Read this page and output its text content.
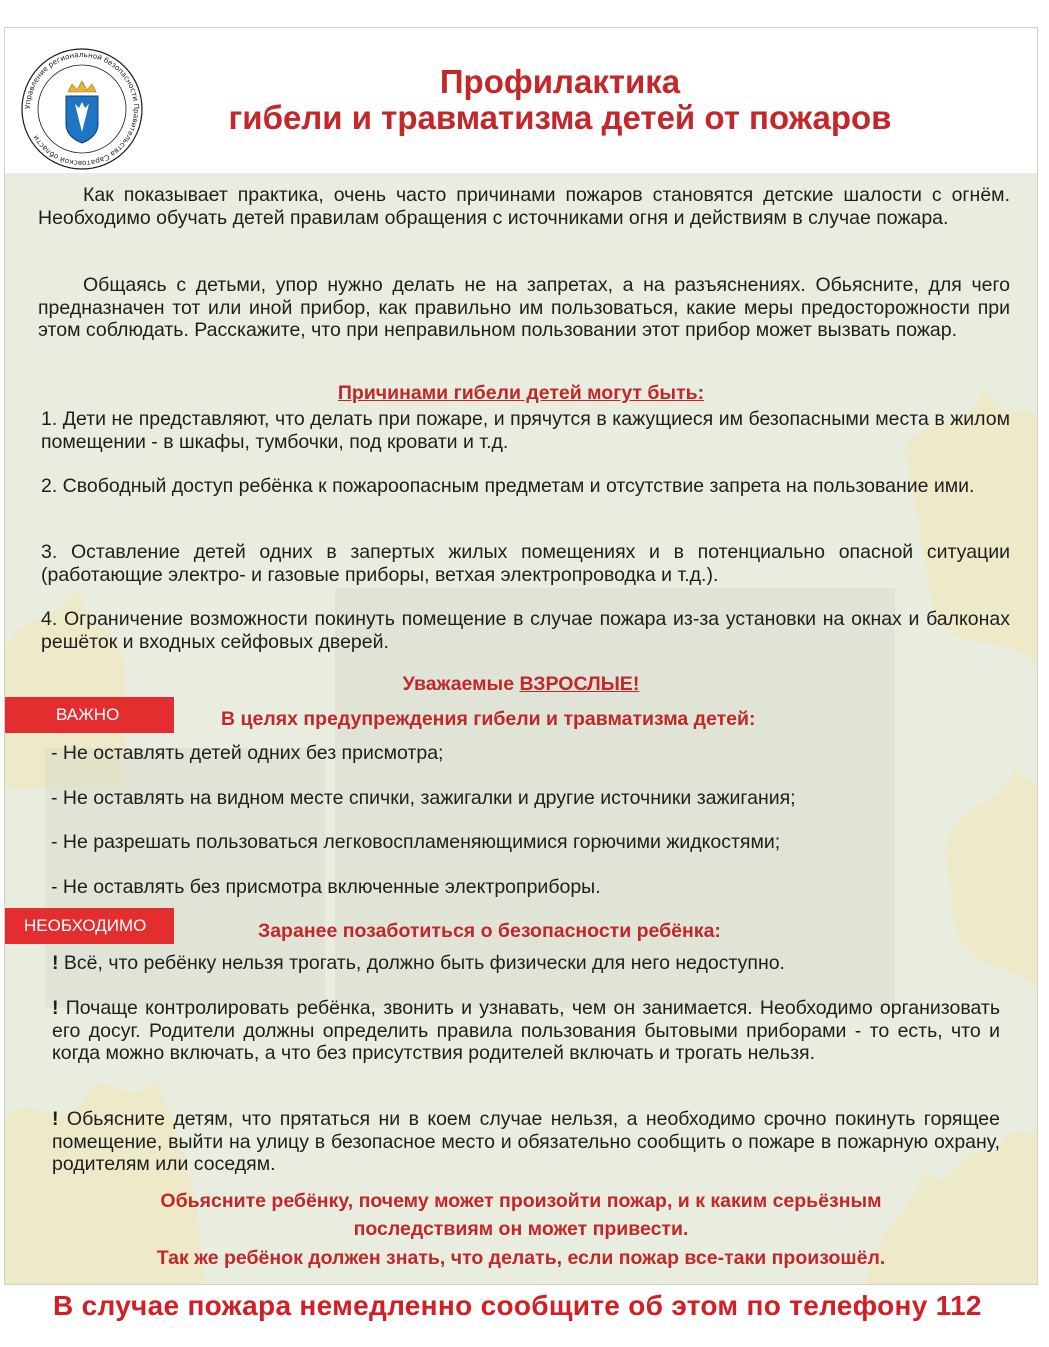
Управление региональной безопасности Правительства Саратовской области
Профилактика
гибели и травматизма детей от пожаров

Как показывает практика, очень часто причинами пожаров становятся детские шалости с огнём. Необходимо обучать детей правилам обращения с источниками огня и действиям в случае пожара.

Общаясь с детьми, упор нужно делать не на запретах, а на разъяснениях. Обьясните, для чего предназначен тот или иной прибор, как правильно им пользоваться, какие меры предосторожности при этом соблюдать. Расскажите, что при неправильном пользовании этот прибор может вызвать пожар.

Причинами гибели детей могут быть:

1. Дети не представляют, что делать при пожаре, и прячутся в кажущиеся им безопасными места в жилом помещении - в шкафы, тумбочки, под кровати и т.д.

2. Свободный доступ ребёнка к пожароопасным предметам и отсутствие запрета на пользование ими.

3. Оставление детей одних в запертых жилых помещениях и в потенциально опасной ситуации (работающие электро- и газовые приборы, ветхая электропроводка и т.д.).

4. Ограничение возможности покинуть помещение в случае пожара из-за установки на окнах и балконах решёток и входных сейфовых дверей.

Уважаемые ВЗРОСЛЫЕ!
ВАЖНО	В целях предупреждения гибели и травматизма детей:
- Не оставлять детей одних без присмотра;
- Не оставлять на видном месте спички, зажигалки и другие источники зажигания;
- Не разрешать пользоваться легковоспламеняющимися горючими жидкостями;
- Не оставлять без присмотра включенные электроприборы.
НЕОБХОДИМО	Заранее позаботиться о безопасности ребёнка:

! Всё, что ребёнку нельзя трогать, должно быть физически для него недоступно.

! Почаще контролировать ребёнка, звонить и узнавать, чем он занимается. Необходимо организовать его досуг. Родители должны определить правила пользования бытовыми приборами - то есть, что и когда можно включать, а что без присутствия родителей включать и трогать нельзя.

! Обьясните детям, что прятаться ни в коем случае нельзя, а необходимо срочно покинуть горящее помещение, выйти на улицу в безопасное место и обязательно сообщить о пожаре в пожарную охрану, родителям или соседям.

Обьясните ребёнку, почему может произойти пожар, и к каким серьёзным
последствиям он может привести.
Так же ребёнок должен знать, что делать, если пожар все-таки произошёл.
В случае пожара немедленно сообщите об этом по телефону 112
